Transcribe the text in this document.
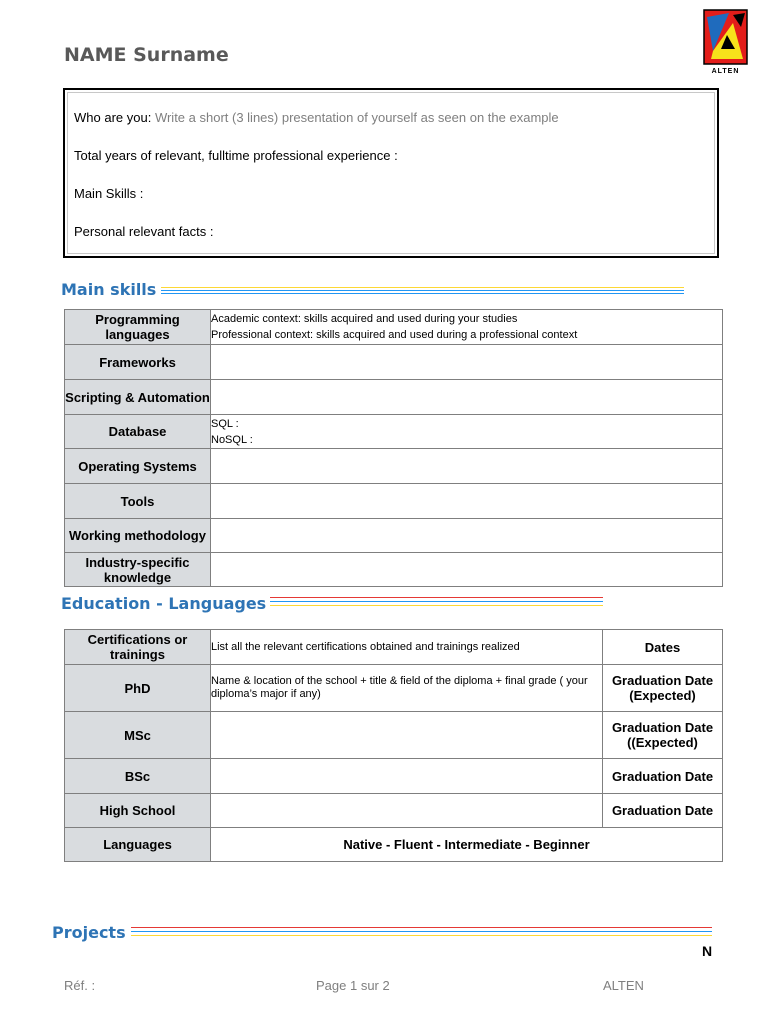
NAME Surname
ALTEN
Who are you: Write a short (3 lines) presentation of yourself as seen on the example
Total years of relevant, fulltime professional experience :
Main Skills :
Personal relevant facts :
Main skills
Programming languages	Academic context: skills acquired and used during your studies
Professional context: skills acquired and used during a professional context

Frameworks	
Scripting & Automation	
Database	SQL :
NoSQL :

Operating Systems	
Tools	
Working methodology	
Industry-specific knowledge	
Education - Languages
Certifications or trainings	List all the relevant certifications obtained and trainings realized	Dates
PhD	Name & location of the school + title & field of the diploma + final grade ( your diploma’s major if any)	Graduation Date (Expected)
MSc		Graduation Date ((Expected)
BSc		Graduation Date
High School		Graduation Date
Languages	Native - Fluent - Intermediate - Beginner	
Projects
N
Réf. :	Page 1 sur 2	ALTEN
